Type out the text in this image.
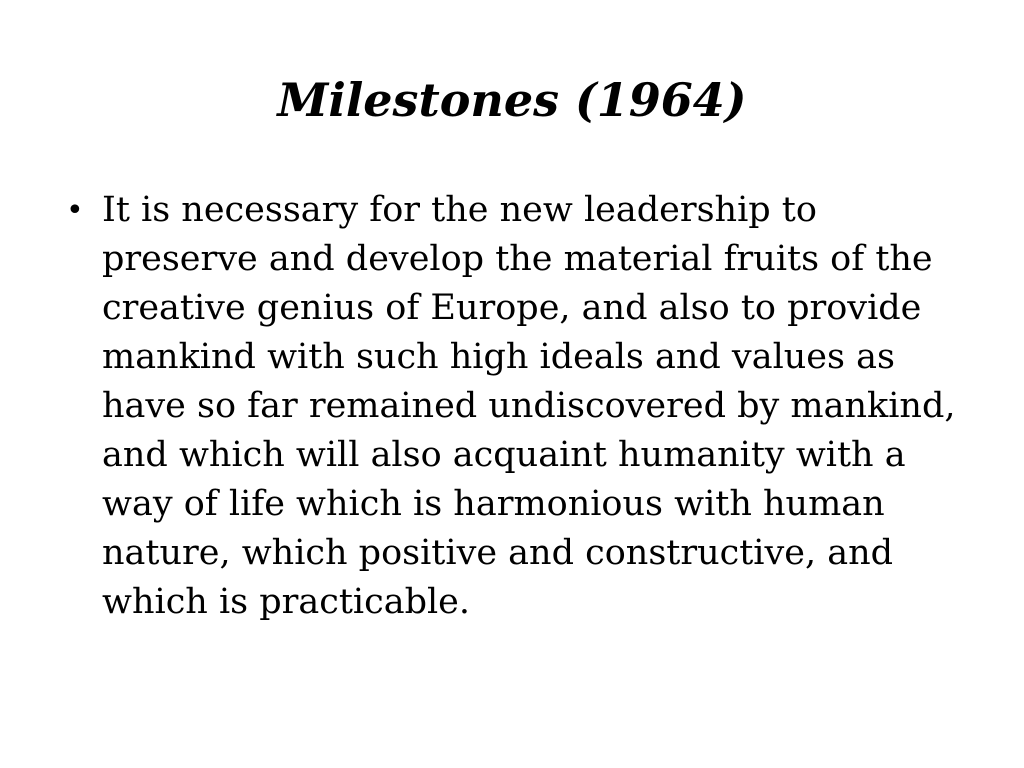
Milestones (1964)
• It is necessary for the new leadership to preserve and develop the material fruits of the creative genius of Europe, and also to provide mankind with such high ideals and values as have so far remained undiscovered by mankind, and which will also acquaint humanity with a way of life which is harmonious with human nature, which positive and constructive, and which is practicable.
